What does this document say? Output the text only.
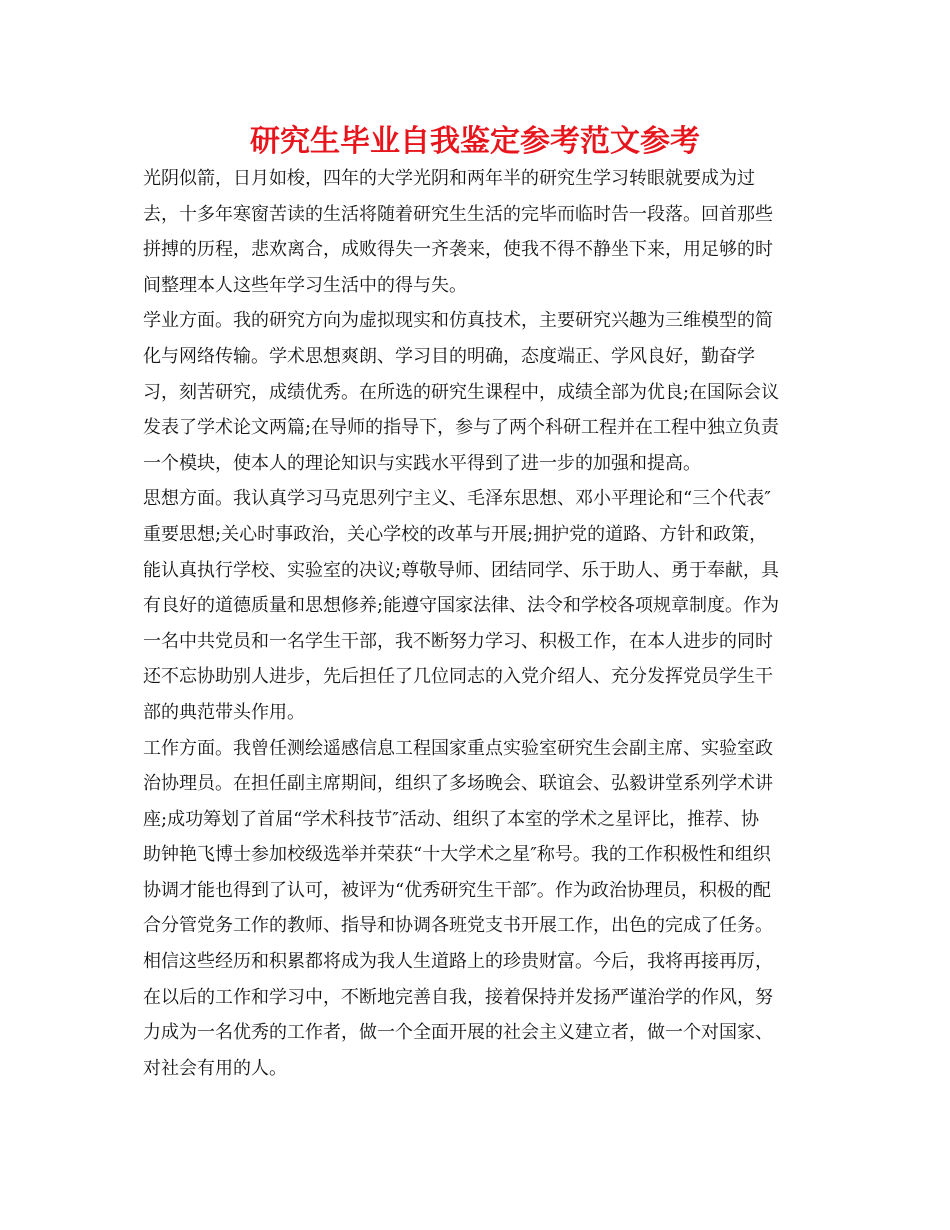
研究生毕业自我鉴定参考范文参考
光阴似箭，日月如梭，四年的大学光阴和两年半的研究生学习转眼就要成为过
去，十多年寒窗苦读的生活将随着研究生生活的完毕而临时告一段落。回首那些
拼搏的历程，悲欢离合，成败得失一齐袭来，使我不得不静坐下来，用足够的时
间整理本人这些年学习生活中的得与失。
学业方面。我的研究方向为虚拟现实和仿真技术，主要研究兴趣为三维模型的简
化与网络传输。学术思想爽朗、学习目的明确，态度端正、学风良好，勤奋学
习，刻苦研究，成绩优秀。在所选的研究生课程中，成绩全部为优良;在国际会议
发表了学术论文两篇;在导师的指导下，参与了两个科研工程并在工程中独立负责
一个模块，使本人的理论知识与实践水平得到了进一步的加强和提高。
思想方面。我认真学习马克思列宁主义、毛泽东思想、邓小平理论和“三个代表″
重要思想;关心时事政治，关心学校的改革与开展;拥护党的道路、方针和政策，
能认真执行学校、实验室的决议;尊敬导师、团结同学、乐于助人、勇于奉献，具
有良好的道德质量和思想修养;能遵守国家法律、法令和学校各项规章制度。作为
一名中共党员和一名学生干部，我不断努力学习、积极工作，在本人进步的同时
还不忘协助别人进步，先后担任了几位同志的入党介绍人、充分发挥党员学生干
部的典范带头作用。
工作方面。我曾任测绘遥感信息工程国家重点实验室研究生会副主席、实验室政
治协理员。在担任副主席期间，组织了多场晚会、联谊会、弘毅讲堂系列学术讲
座;成功筹划了首届“学术科技节″活动、组织了本室的学术之星评比，推荐、协
助钟艳飞博士参加校级选举并荣获“十大学术之星″称号。我的工作积极性和组织
协调才能也得到了认可，被评为“优秀研究生干部″。作为政治协理员，积极的配
合分管党务工作的教师、指导和协调各班党支书开展工作，出色的完成了任务。
相信这些经历和积累都将成为我人生道路上的珍贵财富。今后，我将再接再厉，
在以后的工作和学习中，不断地完善自我，接着保持并发扬严谨治学的作风，努
力成为一名优秀的工作者，做一个全面开展的社会主义建立者，做一个对国家、
对社会有用的人。
